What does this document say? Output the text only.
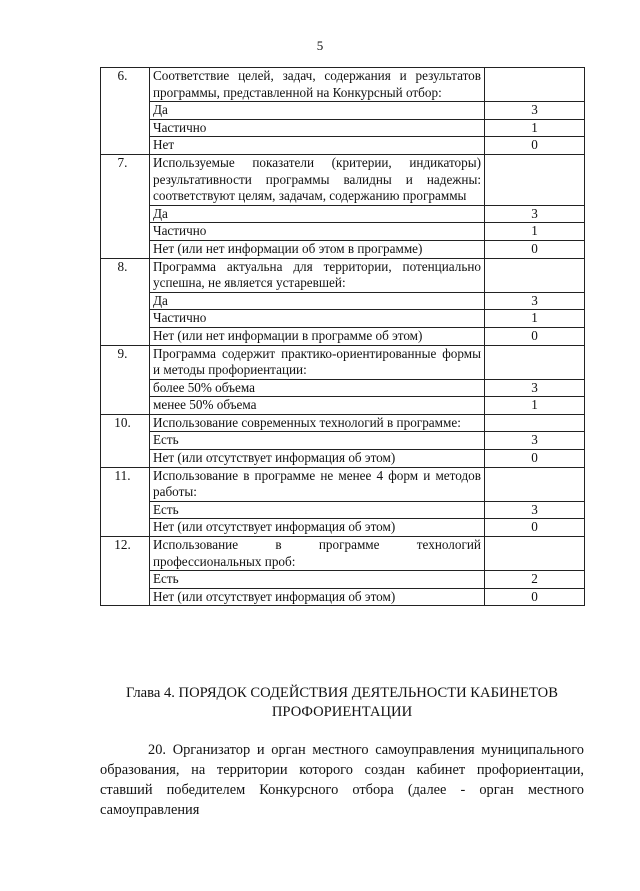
5
6.	Соответствие целей, задач, содержания и результатов программы, представленной на Конкурсный отбор:	
	Да	3
	Частично	1
	Нет	0
7.	Используемые показатели (критерии, индикаторы) результативности программы валидны и надежны: соответствуют целям, задачам, содержанию программы	
	Да	3
	Частично	1
	Нет (или нет информации об этом в программе)	0
8.	Программа актуальна для территории, потенциально успешна, не является устаревшей:	
	Да	3
	Частично	1
	Нет (или нет информации в программе об этом)	0
9.	Программа содержит практико-ориентированные формы и методы профориентации:	
	более 50% объема	3
	менее 50% объема	1
10.	Использование современных технологий в программе:	
	Есть	3
	Нет (или отсутствует информация об этом)	0
11.	Использование в программе не менее 4 форм и методов работы:	
	Есть	3
	Нет (или отсутствует информация об этом)	0
12.	Использование в программе технологий профессиональных проб:	
	Есть	2
	Нет (или отсутствует информация об этом)	0
Глава 4. ПОРЯДОК СОДЕЙСТВИЯ ДЕЯТЕЛЬНОСТИ КАБИНЕТОВ
ПРОФОРИЕНТАЦИИ
20. Организатор и орган местного самоуправления муниципального образования, на территории которого создан кабинет профориентации, ставший победителем Конкурсного отбора (далее - орган местного самоуправления
